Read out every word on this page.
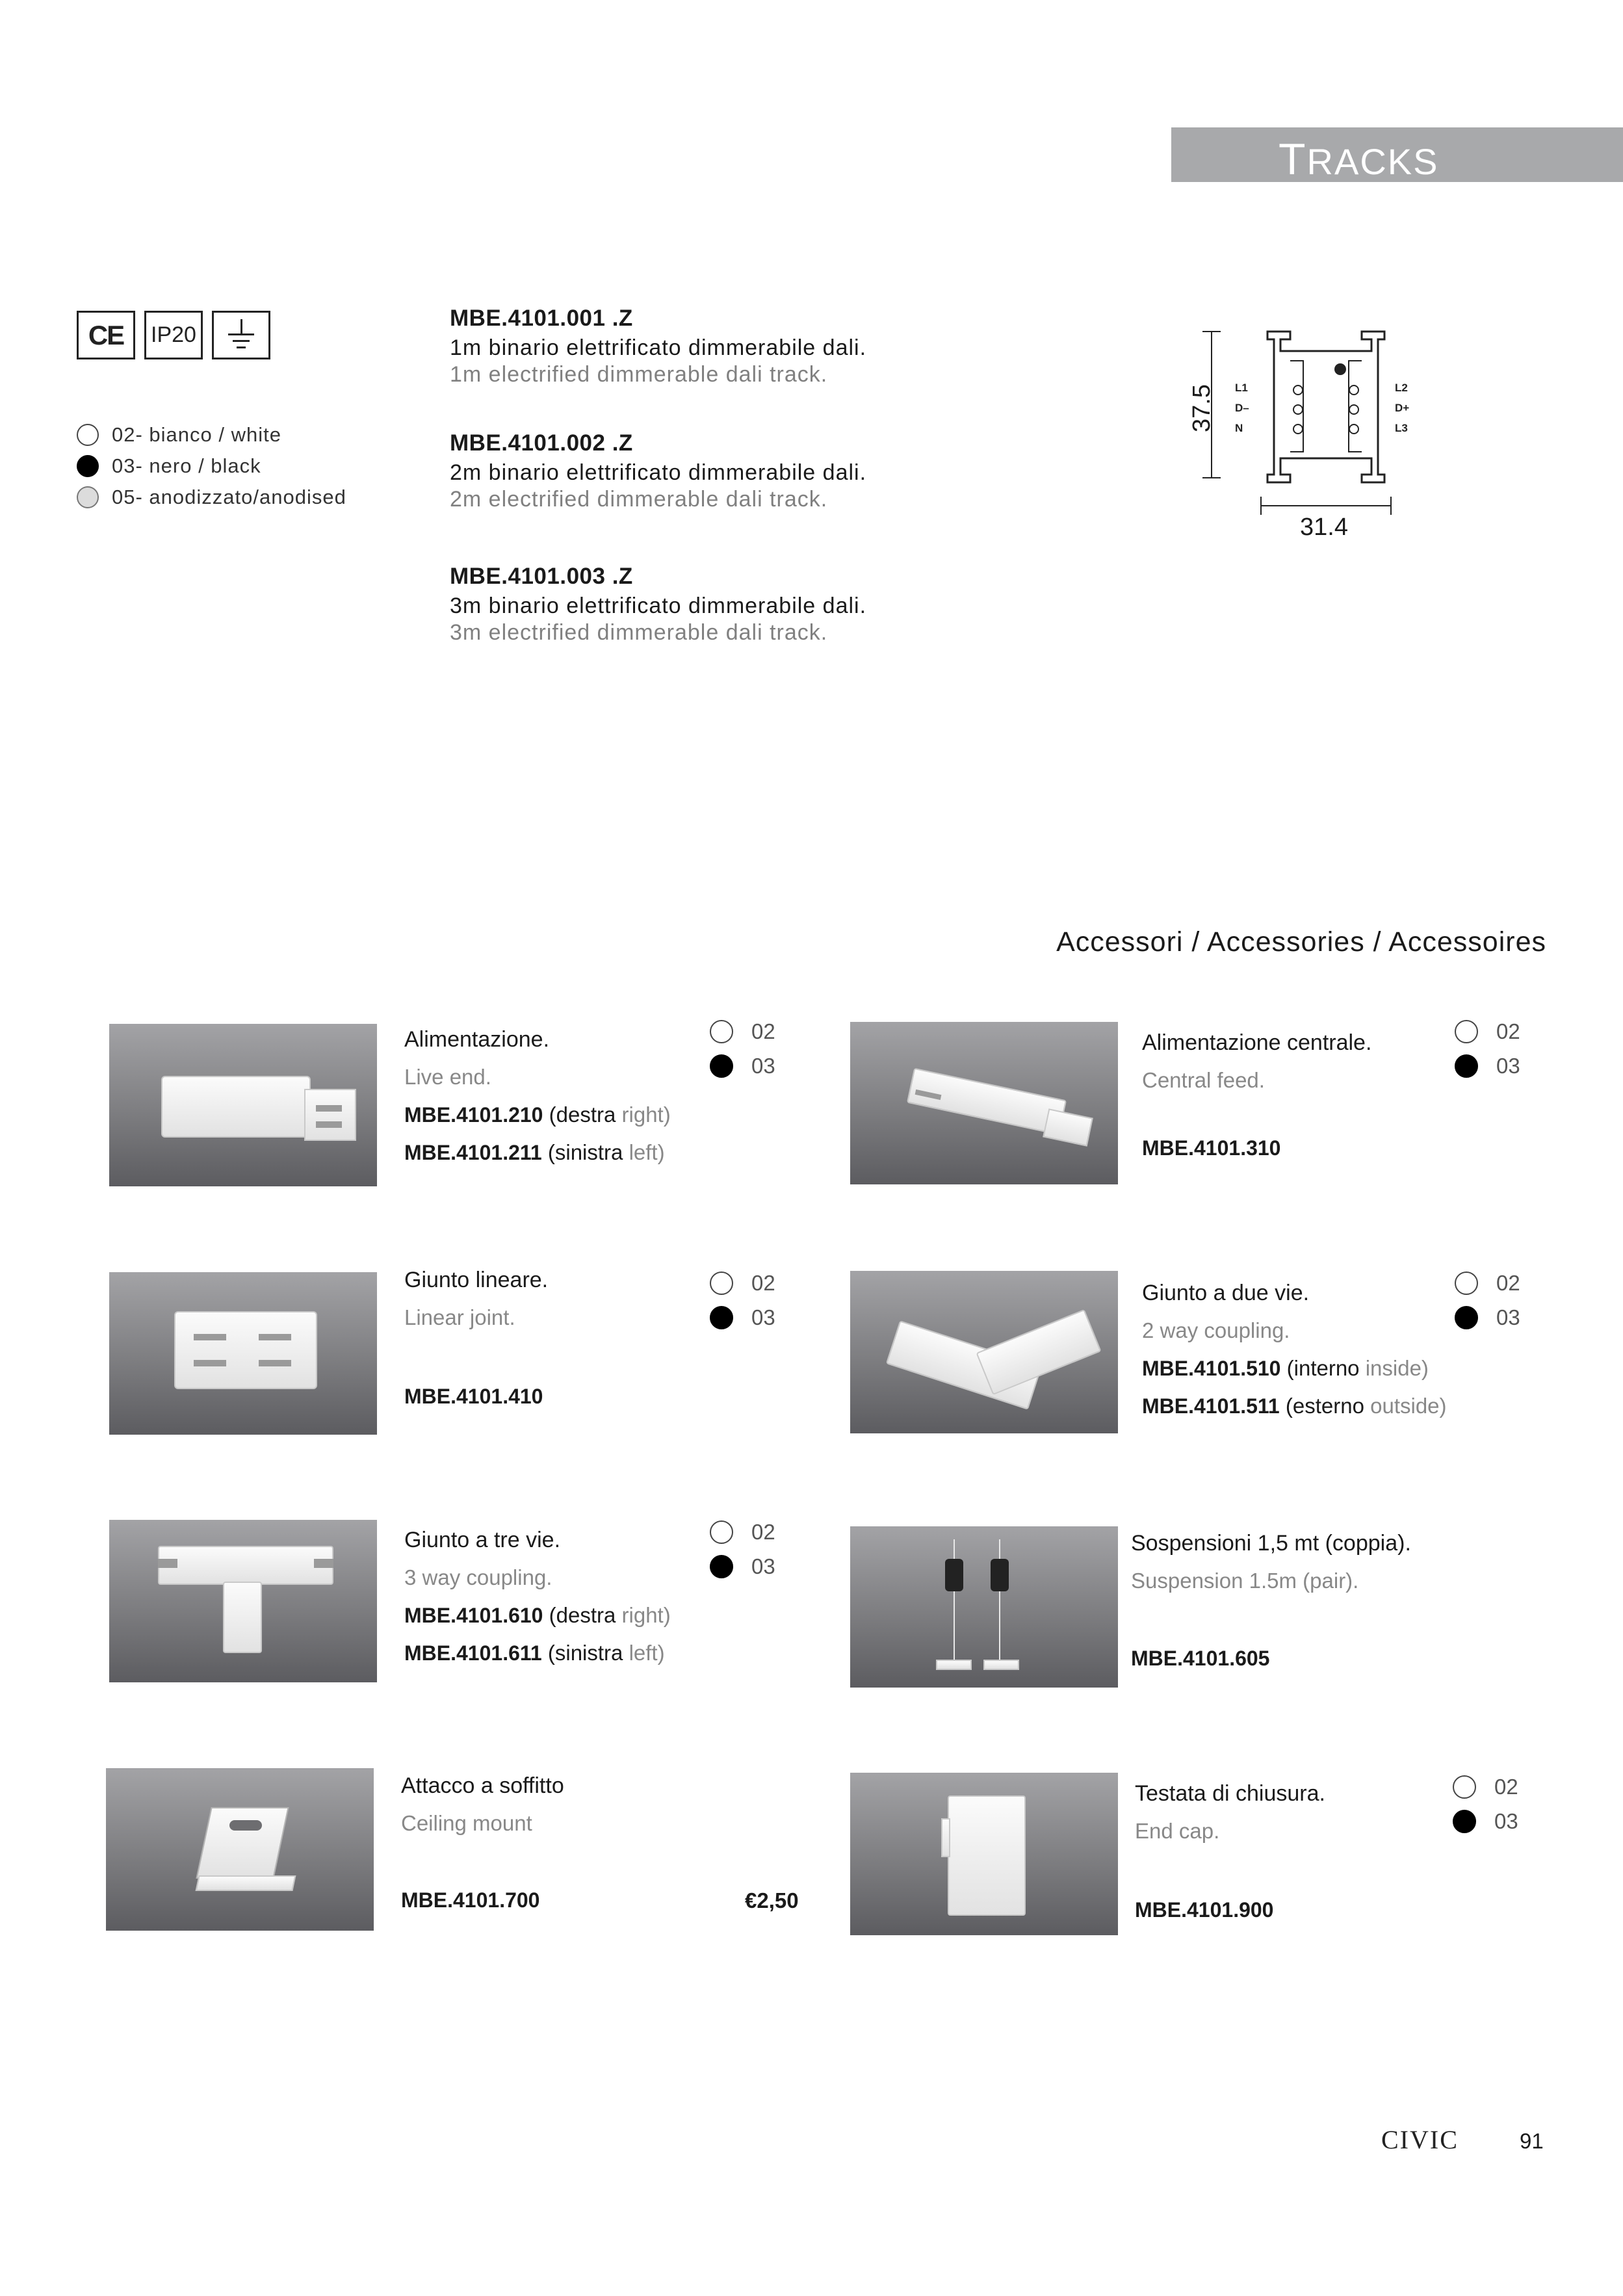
TRACKS
CE	IP20
02- bianco / white
03- nero / black
05- anodizzato/anodised
MBE.4101.001 .Z
1m binario elettrificato dimmerabile dali.
1m electrified dimmerable dali track.
MBE.4101.002 .Z
2m binario elettrificato dimmerabile dali.
2m electrified dimmerable dali track.
MBE.4101.003 .Z
3m binario elettrificato dimmerabile dali.
3m electrified dimmerable dali track.
L1
D–
N
L2
D+
L3
37.5
31.4
Accessori / Accessories / Accessoires
Alimentazione.
Live end.
MBE.4101.210 (destra right)
MBE.4101.211 (sinistra left)
02
03
Alimentazione centrale.
Central feed.
MBE.4101.310
02
03
Giunto lineare.
Linear joint.
MBE.4101.410
02
03
Giunto a due vie.
2 way coupling.
MBE.4101.510 (interno inside)
MBE.4101.511 (esterno outside)
02
03
Giunto a tre vie.
3 way coupling.
MBE.4101.610 (destra right)
MBE.4101.611 (sinistra left)
02
03
Sospensioni 1,5 mt (coppia).
Suspension 1.5m (pair).
MBE.4101.605
Attacco a soffitto
Ceiling mount
MBE.4101.700	€2,50
Testata di chiusura.
End cap.
MBE.4101.900
02
03
CIVIC	91
